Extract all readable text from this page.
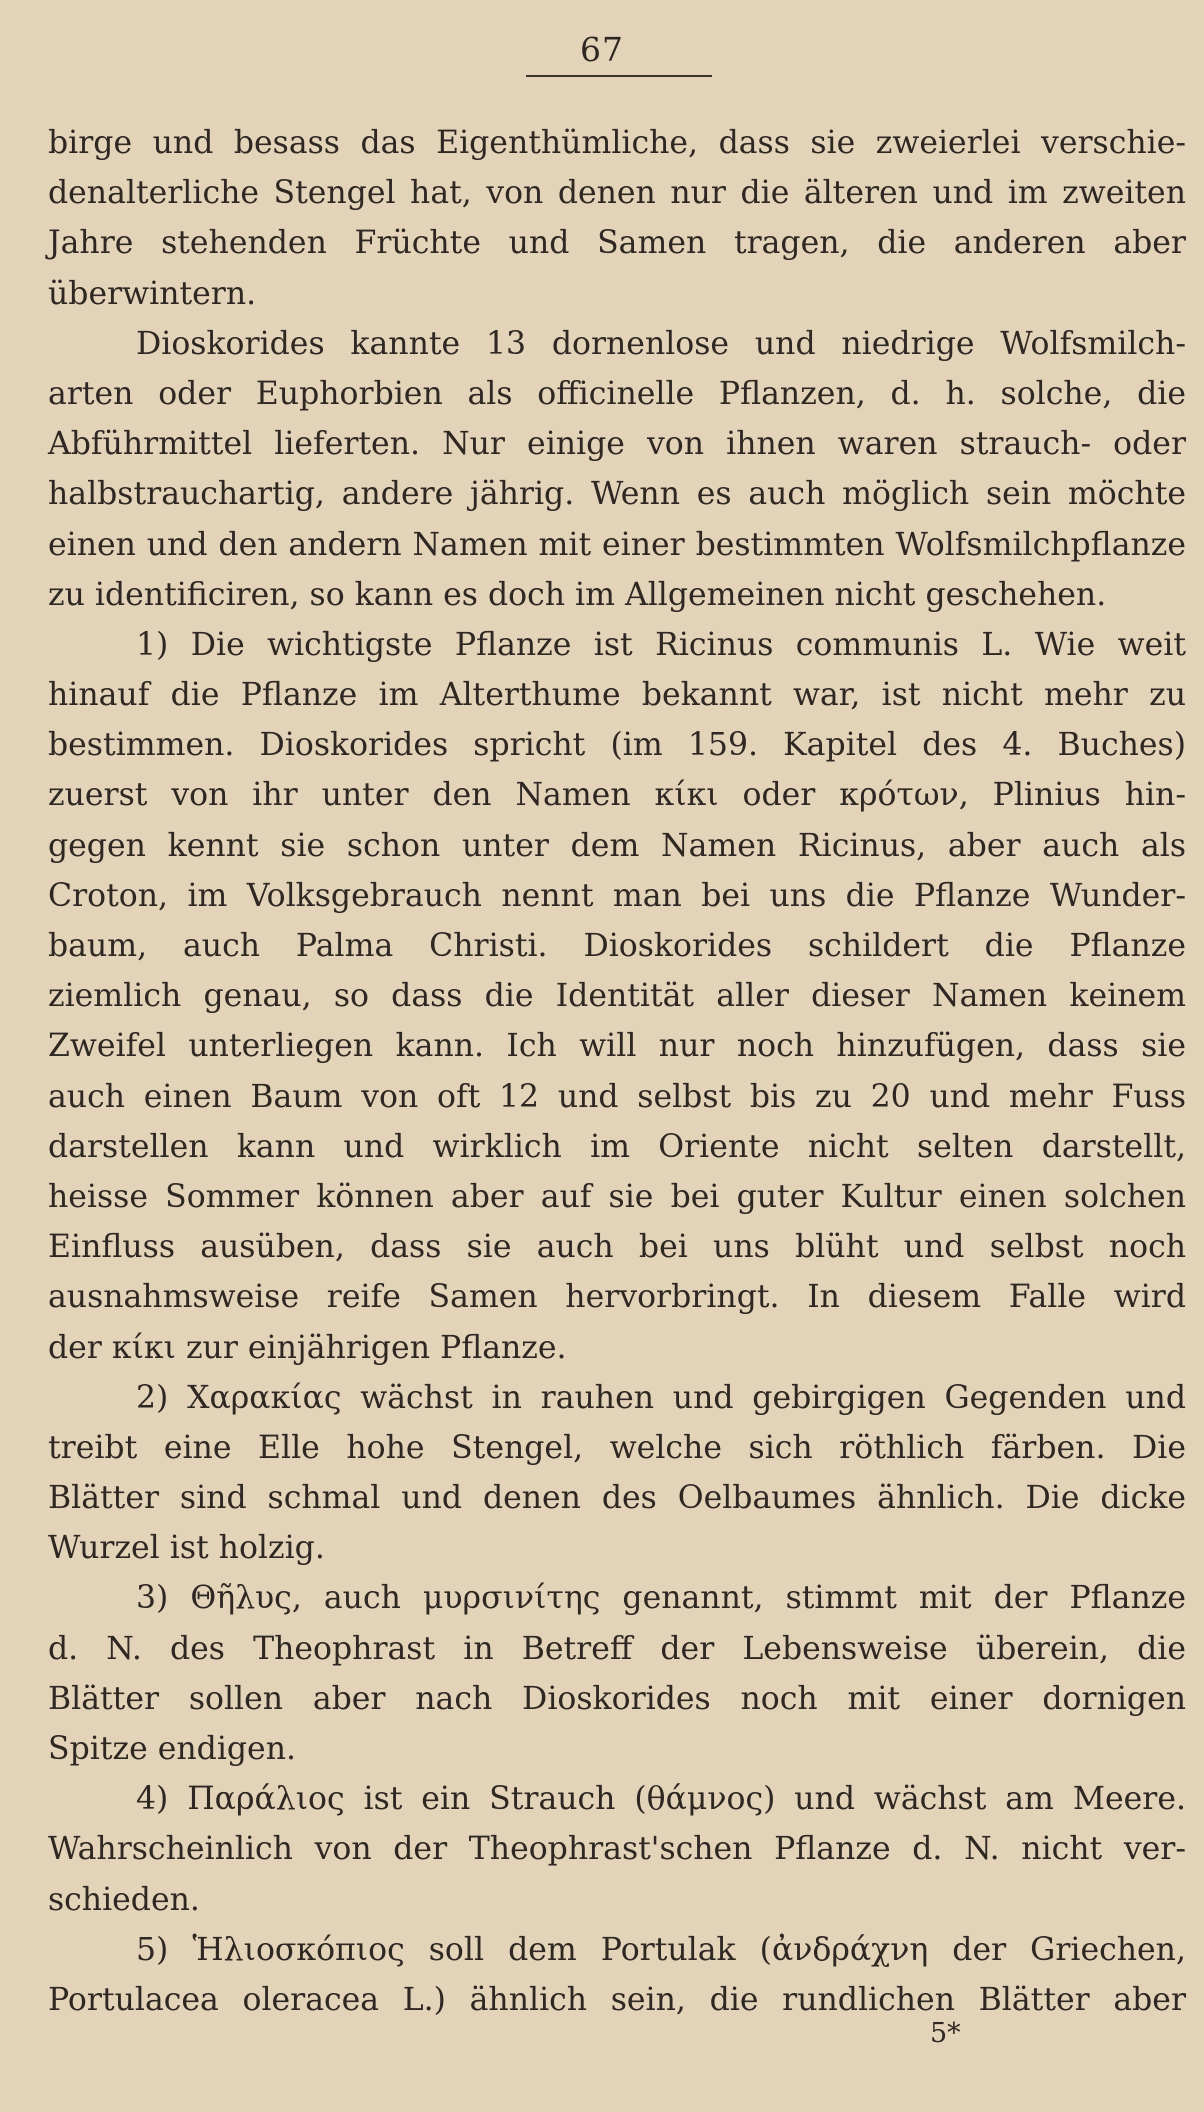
67
birge und besass das Eigenthümliche, dass sie zweierlei verschie-
denalterliche Stengel hat, von denen nur die älteren und im zweiten
Jahre stehenden Früchte und Samen tragen, die anderen aber
überwintern.
Dioskorides kannte 13 dornenlose und niedrige Wolfsmilch-
arten oder Euphorbien als officinelle Pflanzen, d. h. solche, die
Abführmittel lieferten. Nur einige von ihnen waren strauch- oder
halbstrauchartig, andere jährig. Wenn es auch möglich sein möchte
einen und den andern Namen mit einer bestimmten Wolfsmilchpflanze
zu identificiren, so kann es doch im Allgemeinen nicht geschehen.
1) Die wichtigste Pflanze ist Ricinus communis L. Wie weit
hinauf die Pflanze im Alterthume bekannt war, ist nicht mehr zu
bestimmen. Dioskorides spricht (im 159. Kapitel des 4. Buches)
zuerst von ihr unter den Namen κίκι oder κρότων, Plinius hin-
gegen kennt sie schon unter dem Namen Ricinus, aber auch als
Croton, im Volksgebrauch nennt man bei uns die Pflanze Wunder-
baum, auch Palma Christi. Dioskorides schildert die Pflanze
ziemlich genau, so dass die Identität aller dieser Namen keinem
Zweifel unterliegen kann. Ich will nur noch hinzufügen, dass sie
auch einen Baum von oft 12 und selbst bis zu 20 und mehr Fuss
darstellen kann und wirklich im Oriente nicht selten darstellt,
heisse Sommer können aber auf sie bei guter Kultur einen solchen
Einfluss ausüben, dass sie auch bei uns blüht und selbst noch
ausnahmsweise reife Samen hervorbringt. In diesem Falle wird
der κίκι zur einjährigen Pflanze.
2) Χαρακίας wächst in rauhen und gebirgigen Gegenden und
treibt eine Elle hohe Stengel, welche sich röthlich färben. Die
Blätter sind schmal und denen des Oelbaumes ähnlich. Die dicke
Wurzel ist holzig.
3) Θῆλυς, auch μυρσινίτης genannt, stimmt mit der Pflanze
d. N. des Theophrast in Betreff der Lebensweise überein, die
Blätter sollen aber nach Dioskorides noch mit einer dornigen
Spitze endigen.
4) Παράλιος ist ein Strauch (θάμνος) und wächst am Meere.
Wahrscheinlich von der Theophrast'schen Pflanze d. N. nicht ver-
schieden.
5) Ἡλιοσκόπιος soll dem Portulak (ἀνδράχνη der Griechen,
Portulacea oleracea L.) ähnlich sein, die rundlichen Blätter aber
5*
